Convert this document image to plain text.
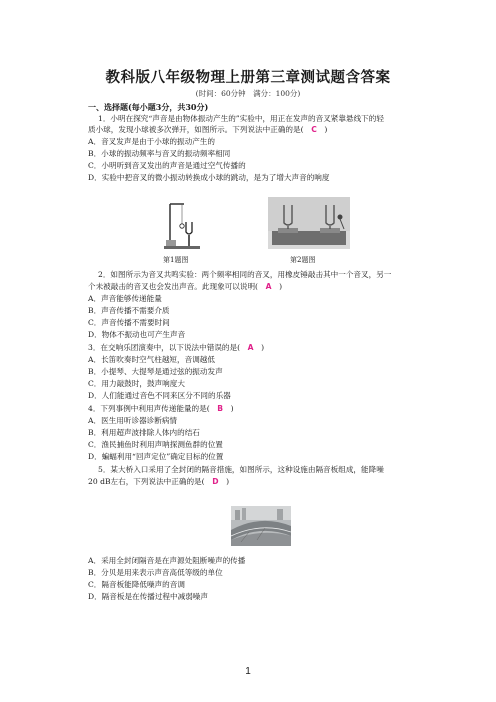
教科版八年级物理上册第三章测试题含答案
(时间：60分钟　满分：100分)
一、选择题(每小题3分，共30分)
1．小明在探究“声音是由物体振动产生的”实验中，用正在发声的音叉紧靠悬线下的轻
质小球，发现小球被多次弹开，如图所示。下列说法中正确的是(　C　)
A．音叉发声是由于小球的振动产生的
B．小球的振动频率与音叉的振动频率相同
C．小明听到音叉发出的声音是通过空气传播的
D．实验中把音叉的微小振动转换成小球的跳动，是为了增大声音的响度
第1题图	第2题图
2．如图所示为音叉共鸣实验：两个频率相同的音叉，用橡皮锤敲击其中一个音叉，另一
个未被敲击的音叉也会发出声音。此现象可以说明(　A　)
A．声音能够传递能量
B．声音传播不需要介质
C．声音传播不需要时间
D．物体不振动也可产生声音
3．在交响乐团演奏中，以下说法中错误的是(　A　)
A．长笛吹奏时空气柱越短，音调越低
B．小提琴、大提琴是通过弦的振动发声
C．用力敲鼓时，鼓声响度大
D．人们能通过音色不同来区分不同的乐器
4．下列事例中利用声传递能量的是(　B　)
A．医生用听诊器诊断病情
B．利用超声波排除人体内的结石
C．渔民捕鱼时利用声呐探测鱼群的位置
D．蝙蝠利用“回声定位”确定目标的位置
5．某大桥入口采用了全封闭的隔音措施，如图所示，这种设施由隔音板组成，能降噪
20 dB左右，下列说法中正确的是(　D　)
A．采用全封闭隔音是在声源处阻断噪声的传播
B．分贝是用来表示声音高低等级的单位
C．隔音板能降低噪声的音调
D．隔音板是在传播过程中减弱噪声
1
